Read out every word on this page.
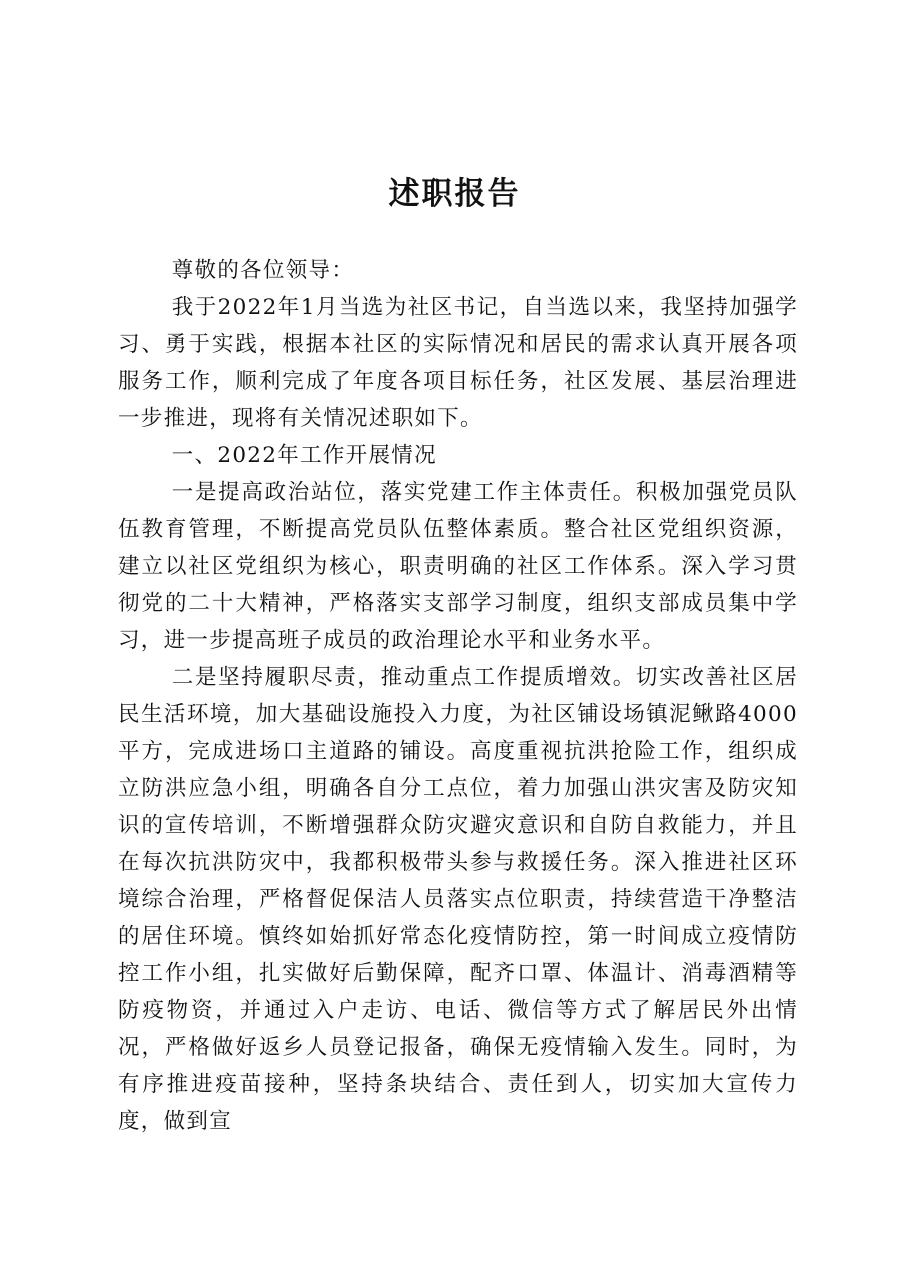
述职报告

尊敬的各位领导：

我于2022年1月当选为社区书记，自当选以来，我坚持加强学习、勇于实践，根据本社区的实际情况和居民的需求认真开展各项服务工作，顺利完成了年度各项目标任务，社区发展、基层治理进一步推进，现将有关情况述职如下。

一、2022年工作开展情况

一是提高政治站位，落实党建工作主体责任。积极加强党员队伍教育管理，不断提高党员队伍整体素质。整合社区党组织资源，建立以社区党组织为核心，职责明确的社区工作体系。深入学习贯彻党的二十大精神，严格落实支部学习制度，组织支部成员集中学习，进一步提高班子成员的政治理论水平和业务水平。

二是坚持履职尽责，推动重点工作提质增效。切实改善社区居民生活环境，加大基础设施投入力度，为社区铺设场镇泥鳅路4000平方，完成进场口主道路的铺设。高度重视抗洪抢险工作，组织成立防洪应急小组，明确各自分工点位，着力加强山洪灾害及防灾知识的宣传培训，不断增强群众防灾避灾意识和自防自救能力，并且在每次抗洪防灾中，我都积极带头参与救援任务。深入推进社区环境综合治理，严格督促保洁人员落实点位职责，持续营造干净整洁的居住环境。慎终如始抓好常态化疫情防控，第一时间成立疫情防控工作小组，扎实做好后勤保障，配齐口罩、体温计、消毒酒精等防疫物资，并通过入户走访、电话、微信等方式了解居民外出情况，严格做好返乡人员登记报备，确保无疫情输入发生。同时，为有序推进疫苗接种，坚持条块结合、责任到人，切实加大宣传力度，做到宣
